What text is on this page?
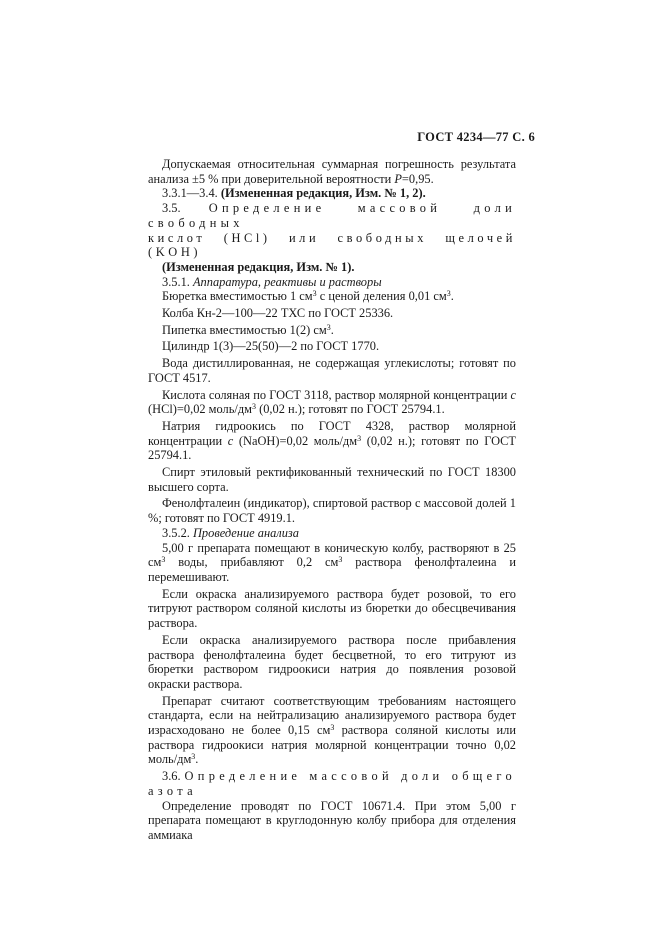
ГОСТ 4234—77 С. 6

Допускаемая относительная суммарная погрешность результата анализа ±5 % при доверительной вероятности P=0,95.

3.3.1—3.4. (Измененная редакция, Изм. № 1, 2).

3.5. Определение массовой доли свободных

кислот (HCl) или свободных щелочей (KOH)

(Измененная редакция, Изм. № 1).

3.5.1. Аппаратура, реактивы и растворы

Бюретка вместимостью 1 $см^3$ с ценой деления 0,01 $см^3$.

Колба Кн-2—100—22 ТХС по ГОСТ 25336.

Пипетка вместимостью 1(2) $см^3$.

Цилиндр 1(3)—25(50)—2 по ГОСТ 1770.

Вода дистиллированная, не содержащая углекислоты; готовят по ГОСТ 4517.

Кислота соляная по ГОСТ 3118, раствор молярной концентрации c (HCl)=0,02 моль/$дм^3$ (0,02 н.); готовят по ГОСТ 25794.1.

Натрия гидроокись по ГОСТ 4328, раствор молярной концентрации c (NaOH)=0,02 моль/$дм^3$ (0,02 н.); готовят по ГОСТ 25794.1.

Спирт этиловый ректификованный технический по ГОСТ 18300 высшего сорта.

Фенолфталеин (индикатор), спиртовой раствор с массовой долей 1 %; готовят по ГОСТ 4919.1.

3.5.2. Проведение анализа

5,00 г препарата помещают в коническую колбу, растворяют в 25 $см^3$ воды, прибавляют 0,2 $см^3$ раствора фенолфталеина и перемешивают.

Если окраска анализируемого раствора будет розовой, то его титруют раствором соляной кислоты из бюретки до обесцвечивания раствора.

Если окраска анализируемого раствора после прибавления раствора фенолфталеина будет бесцветной, то его титруют из бюретки раствором гидроокиси натрия до появления розовой окраски раствора.

Препарат считают соответствующим требованиям настоящего стандарта, если на нейтрализацию анализируемого раствора будет израсходовано не более 0,15 $см^3$ раствора соляной кислоты или раствора гидроокиси натрия молярной концентрации точно 0,02 моль/$дм^3$.

3.6. Определение массовой доли общего азота

Определение проводят по ГОСТ 10671.4. При этом 5,00 г препарата помещают в круглодонную колбу прибора для отделения аммиака
